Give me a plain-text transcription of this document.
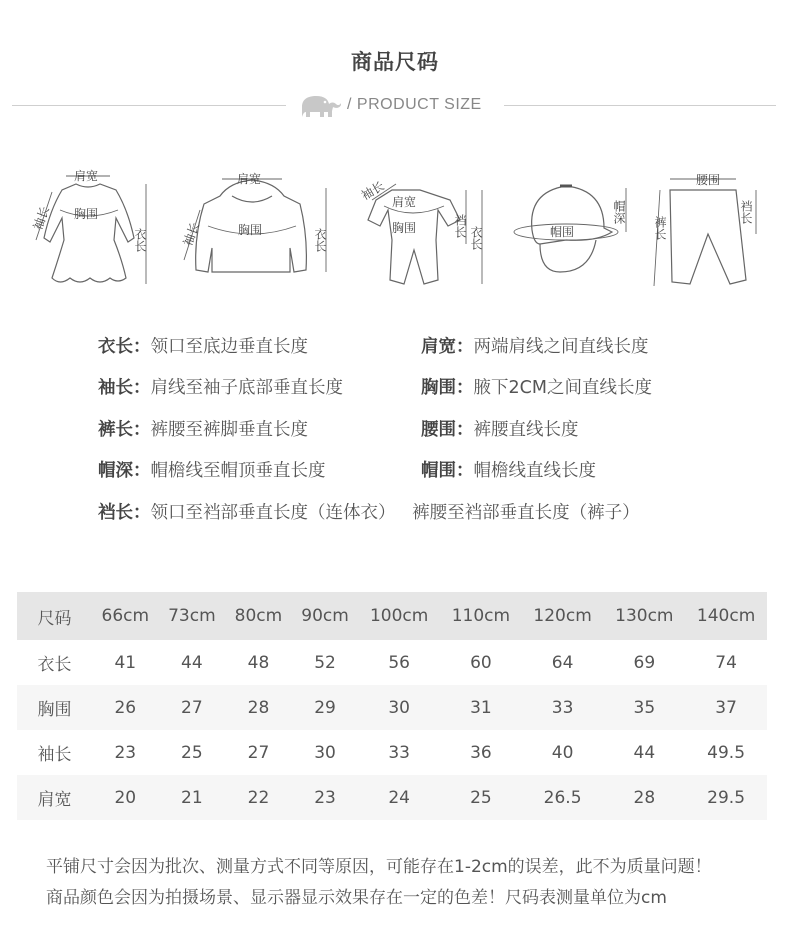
商品尺码
/ PRODUCT SIZE
肩宽
袖长 胸围
衣长
肩宽
袖长	胸围	衣长
袖长 肩宽
胸围	裆长 衣长	帽围
帽深
腰围
裤长
裆长
衣长：领口至底边垂直长度	肩宽：两端肩线之间直线长度
袖长：肩线至袖子底部垂直长度	胸围：腋下2CM之间直线长度
裤长：裤腰至裤脚垂直长度	腰围：裤腰直线长度
帽深：帽檐线至帽顶垂直长度	帽围：帽檐线直线长度
裆长：领口至裆部垂直长度（连体衣）   裤腰至裆部垂直长度（裤子）
尺码	66cm	73cm	80cm	90cm	100cm	110cm	120cm	130cm	140cm
衣长	41	44	48	52	56	60	64	69	74
胸围	26	27	28	29	30	31	33	35	37
袖长	23	25	27	30	33	36	40	44	49.5
肩宽	20	21	22	23	24	25	26.5	28	29.5
平铺尺寸会因为批次、测量方式不同等原因，可能存在1-2cm的误差，此不为质量问题！
商品颜色会因为拍摄场景、显示器显示效果存在一定的色差！尺码表测量单位为cm
